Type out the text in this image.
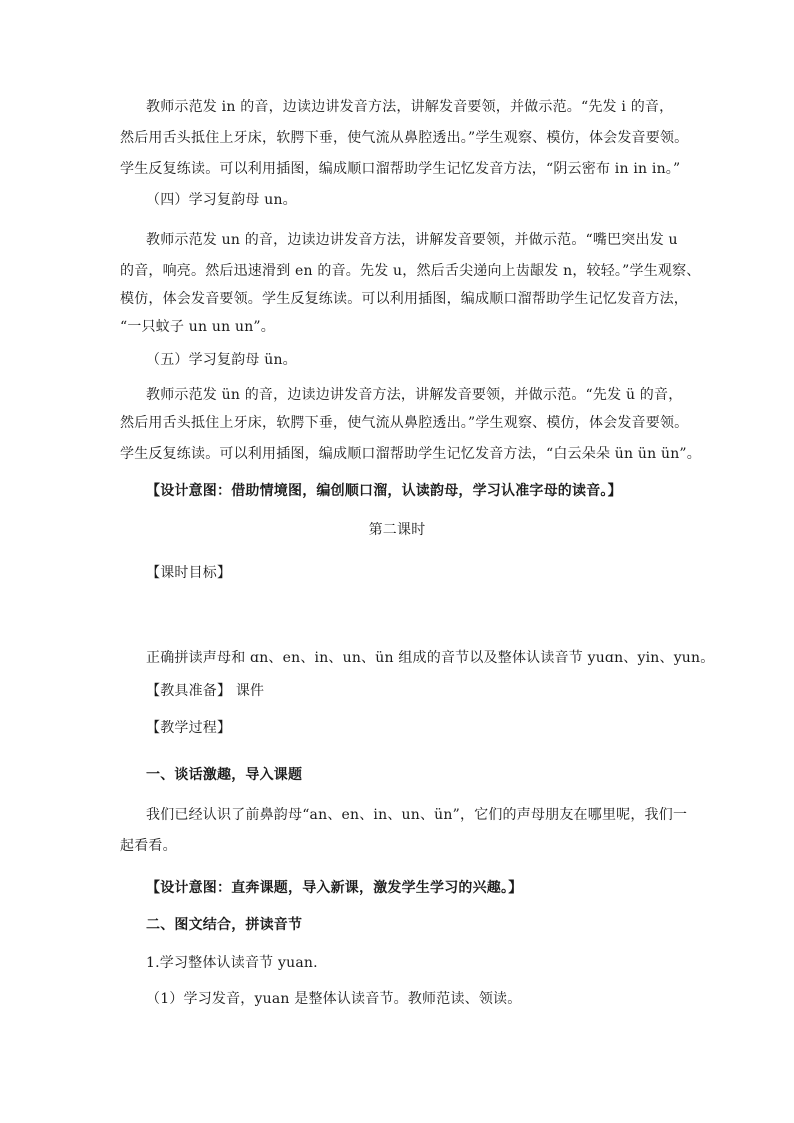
教师示范发 in 的音，边读边讲发音方法，讲解发音要领，并做示范。“先发 i 的音，
然后用舌头抵住上牙床，软腭下垂，使气流从鼻腔透出。”学生观察、模仿，体会发音要领。
学生反复练读。可以利用插图，编成顺口溜帮助学生记忆发音方法，“阴云密布 in in in。”
（四）学习复韵母 un。
教师示范发 un 的音，边读边讲发音方法，讲解发音要领，并做示范。“嘴巴突出发 u
的音，响亮。然后迅速滑到 en 的音。先发 u，然后舌尖递向上齿龈发 n，较轻。”学生观察、
模仿，体会发音要领。学生反复练读。可以利用插图，编成顺口溜帮助学生记忆发音方法，
“一只蚊子 un un un”。
（五）学习复韵母 ün。
教师示范发 ün 的音，边读边讲发音方法，讲解发音要领，并做示范。“先发 ü 的音，
然后用舌头抵住上牙床，软腭下垂，使气流从鼻腔透出。”学生观察、模仿，体会发音要领。
学生反复练读。可以利用插图，编成顺口溜帮助学生记忆发音方法，“白云朵朵 ün ün ün”。
【设计意图：借助情境图，编创顺口溜，认读韵母，学习认准字母的读音。】
第二课时
【课时目标】
正确拼读声母和 ɑn、en、in、un、ün 组成的音节以及整体认读音节 yuɑn、yin、yun。
【教具准备】 课件
【教学过程】
一、谈话激趣，导入课题
我们已经认识了前鼻韵母“an、en、in、un、ün”，它们的声母朋友在哪里呢，我们一
起看看。
【设计意图：直奔课题，导入新课，激发学生学习的兴趣。】
二、图文结合，拼读音节
1.学习整体认读音节 yuan.
（1）学习发音，yuan 是整体认读音节。教师范读、领读。
